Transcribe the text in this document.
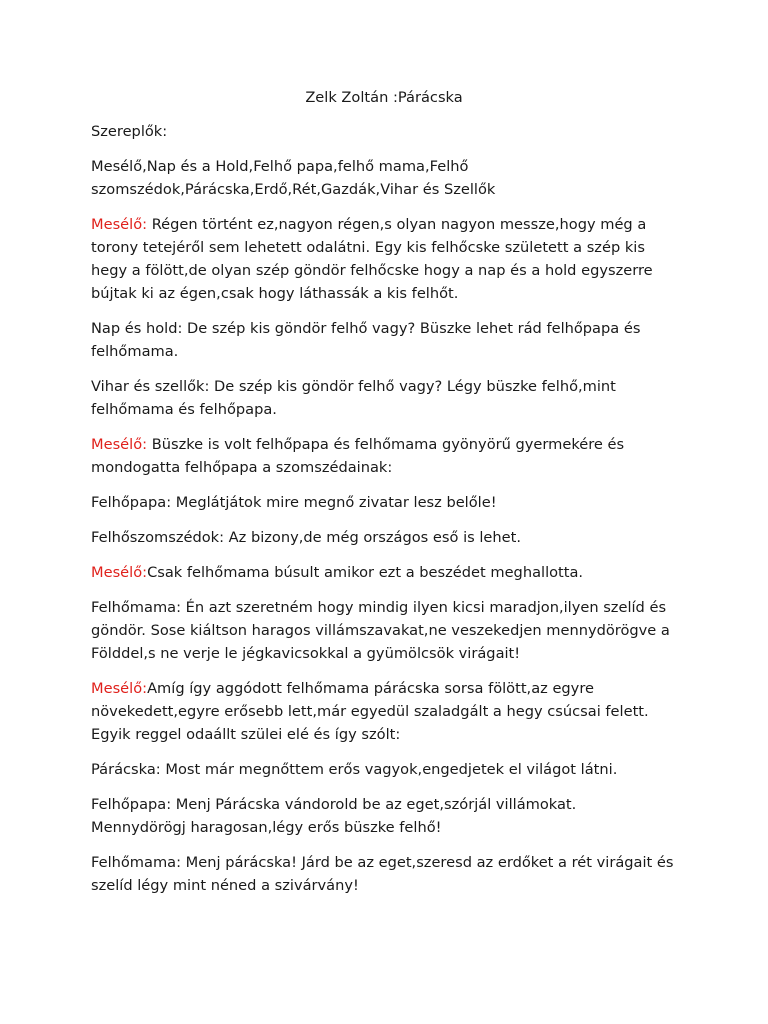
Zelk Zoltán :Párácska
Szereplők:
Mesélő,Nap és a Hold,Felhő papa,felhő mama,Felhő
szomszédok,Párácska,Erdő,Rét,Gazdák,Vihar és Szellők
Mesélő: Régen történt ez,nagyon régen,s olyan nagyon messze,hogy még a
torony tetejéről sem lehetett odalátni. Egy kis felhőcske született a szép kis
hegy a fölött,de olyan szép göndör felhőcske hogy a nap és a hold egyszerre
bújtak ki az égen,csak hogy láthassák a kis felhőt.
Nap és hold: De szép kis göndör felhő vagy? Büszke lehet rád felhőpapa és
felhőmama.
Vihar és szellők: De szép kis göndör felhő vagy? Légy büszke felhő,mint
felhőmama és felhőpapa.
Mesélő: Büszke is volt felhőpapa és felhőmama gyönyörű gyermekére és
mondogatta felhőpapa a szomszédainak:
Felhőpapa: Meglátjátok mire megnő zivatar lesz belőle!
Felhőszomszédok: Az bizony,de még országos eső is lehet.
Mesélő:Csak felhőmama búsult amikor ezt a beszédet meghallotta.
Felhőmama: Én azt szeretném hogy mindig ilyen kicsi maradjon,ilyen szelíd és
göndör. Sose kiáltson haragos villámszavakat,ne veszekedjen mennydörögve a
Földdel,s ne verje le jégkavicsokkal a gyümölcsök virágait!
Mesélő:Amíg így aggódott felhőmama párácska sorsa fölött,az egyre
növekedett,egyre erősebb lett,már egyedül szaladgált a hegy csúcsai felett.
Egyik reggel odaállt szülei elé és így szólt:
Párácska: Most már megnőttem erős vagyok,engedjetek el világot látni.
Felhőpapa: Menj Párácska vándorold be az eget,szórjál villámokat.
Mennydörögj haragosan,légy erős büszke felhő!
Felhőmama: Menj párácska! Járd be az eget,szeresd az erdőket a rét virágait és
szelíd légy mint néned a szivárvány!
